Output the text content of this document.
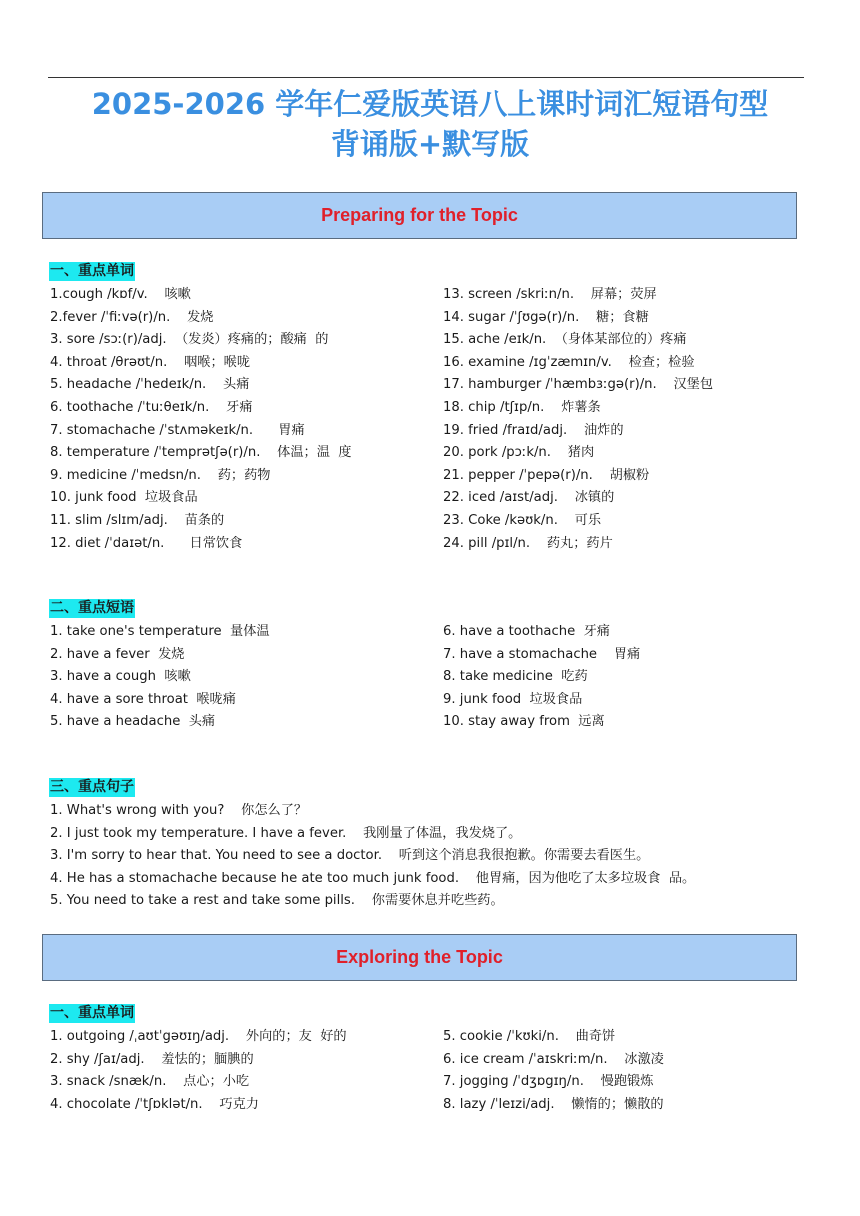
2025-2026 学年仁爱版英语八上课时词汇短语句型
背诵版+默写版
Preparing for the Topic
一、重点单词
1.cough /kɒf/v.    咳嗽
2.fever /ˈfiːvə(r)/n.    发烧
3. sore /sɔː(r)/adj.  （发炎）疼痛的；酸痛  的
4. throat /θrəʊt/n.    咽喉；喉咙
5. headache /ˈhedeɪk/n.    头痛
6. toothache /ˈtuːθeɪk/n.    牙痛
7. stomachache /ˈstʌməkeɪk/n.      胃痛
8. temperature /ˈtemprətʃə(r)/n.    体温；温  度
9. medicine /ˈmedsn/n.    药；药物
10. junk food  垃圾食品
11. slim /slɪm/adj.    苗条的
12. diet /ˈdaɪət/n.      日常饮食
13. screen /skriːn/n.    屏幕；荧屏
14. sugar /ˈʃʊgə(r)/n.    糖；食糖
15. ache /eɪk/n.  （身体某部位的）疼痛
16. examine /ɪgˈzæmɪn/v.    检查；检验
17. hamburger /ˈhæmbɜːgə(r)/n.    汉堡包
18. chip /tʃɪp/n.    炸薯条
19. fried /fraɪd/adj.    油炸的
20. pork /pɔːk/n.    猪肉
21. pepper /ˈpepə(r)/n.    胡椒粉
22. iced /aɪst/adj.    冰镇的
23. Coke /kəʊk/n.    可乐
24. pill /pɪl/n.    药丸；药片
二、重点短语
1. take one's temperature  量体温
2. have a fever  发烧
3. have a cough  咳嗽
4. have a sore throat  喉咙痛
5. have a headache  头痛
6. have a toothache  牙痛
7. have a stomachache    胃痛
8. take medicine  吃药
9. junk food  垃圾食品
10. stay away from  远离
三、重点句子
1. What's wrong with you?    你怎么了？
2. I just took my temperature. I have a fever.    我刚量了体温，我发烧了。
3. I'm sorry to hear that. You need to see a doctor.    听到这个消息我很抱歉。你需要去看医生。
4. He has a stomachache because he ate too much junk food.    他胃痛，因为他吃了太多垃圾食  品。
5. You need to take a rest and take some pills.    你需要休息并吃些药。
Exploring the Topic
一、重点单词
1. outgoing /ˌaʊtˈgəʊɪŋ/adj.    外向的；友  好的
2. shy /ʃaɪ/adj.    羞怯的；腼腆的
3. snack /snæk/n.    点心；小吃
4. chocolate /ˈtʃɒklət/n.    巧克力
5. cookie /ˈkʊki/n.    曲奇饼
6. ice cream /ˈaɪskriːm/n.    冰激凌
7. jogging /ˈdʒɒgɪŋ/n.    慢跑锻炼
8. lazy /ˈleɪzi/adj.    懒惰的；懒散的
